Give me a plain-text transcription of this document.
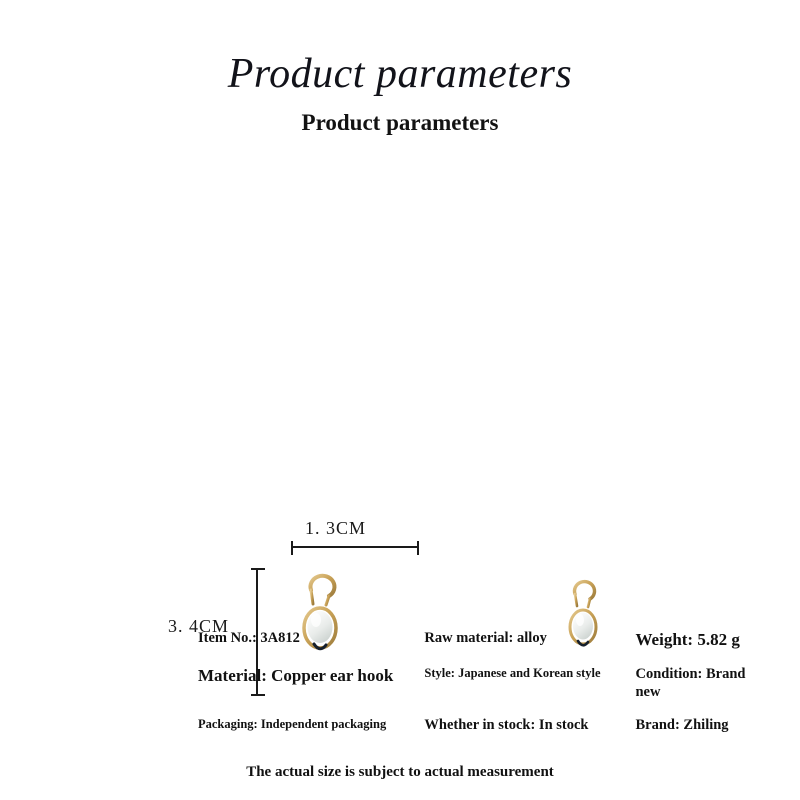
Product parameters
Product parameters
1. 3CM
3. 4CM
Item No.: 3A812	Raw material: alloy	Weight: 5.82 g
Material: Copper ear hook	Style: Japanese and Korean style	Condition: Brand new
Packaging: Independent packaging	Whether in stock: In stock	Brand: Zhiling
The actual size is subject to actual measurement
